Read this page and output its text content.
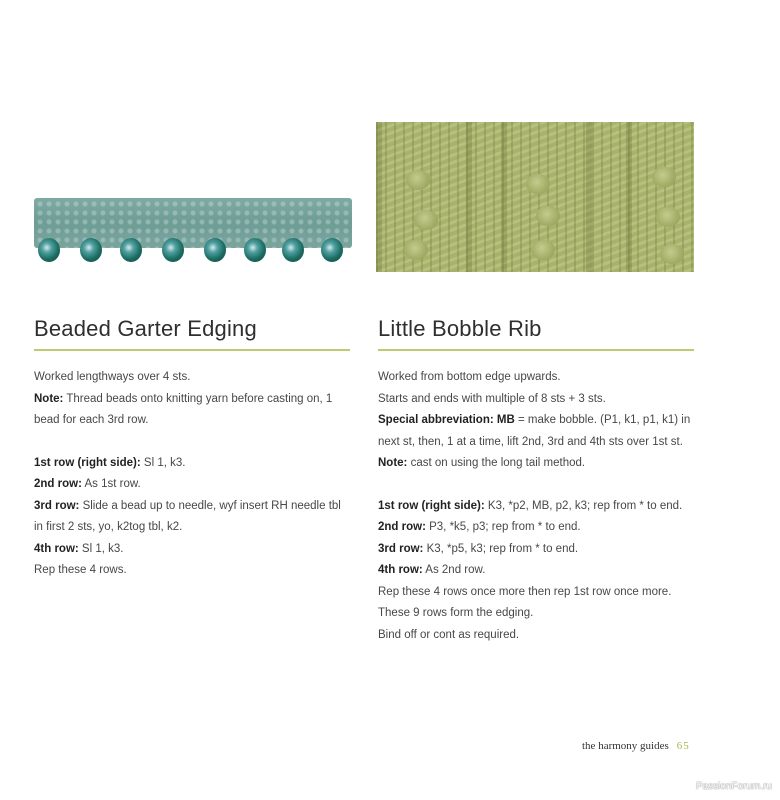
Beaded Garter Edging

Worked lengthways over 4 sts.

Note: Thread beads onto knitting yarn before casting on, 1 bead for each 3rd row.

1st row (right side): Sl 1, k3.

2nd row: As 1st row.

3rd row: Slide a bead up to needle, wyf insert RH needle tbl in first 2 sts, yo, k2tog tbl, k2.

4th row: Sl 1, k3.

Rep these 4 rows.

Little Bobble Rib

Worked from bottom edge upwards.

Starts and ends with multiple of 8 sts + 3 sts.

Special abbreviation: MB = make bobble. (P1, k1, p1, k1) in next st, then, 1 at a time, lift 2nd, 3rd and 4th sts over 1st st.

Note: cast on using the long tail method.

1st row (right side): K3, *p2, MB, p2, k3; rep from * to end.

2nd row: P3, *k5, p3; rep from * to end.

3rd row: K3, *p5, k3; rep from * to end.

4th row: As 2nd row.

Rep these 4 rows once more then rep 1st row once more.

These 9 rows form the edging.

Bind off or cont as required.

the harmony guides 65
PassionForum.ru
